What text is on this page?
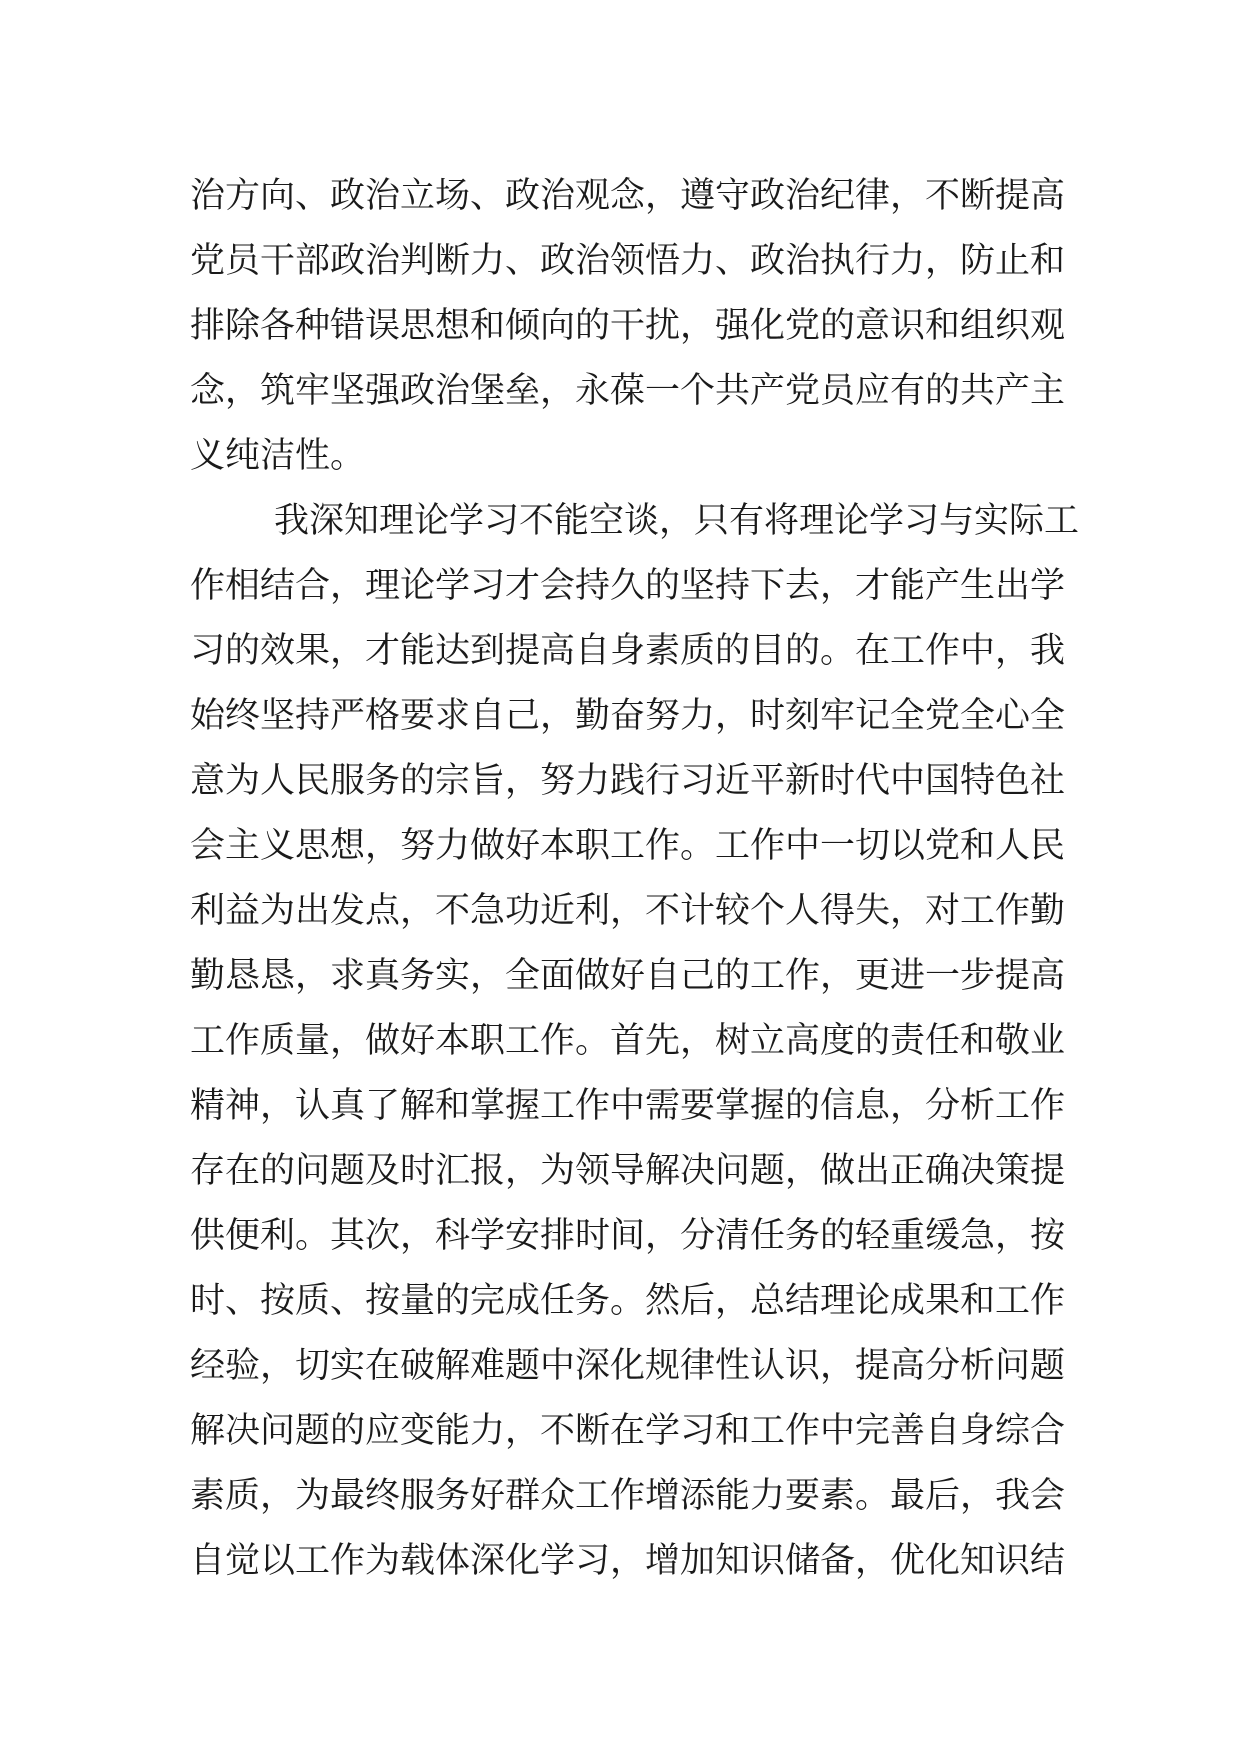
治方向、政治立场、政治观念，遵守政治纪律，不断提高
党员干部政治判断力、政治领悟力、政治执行力，防止和
排除各种错误思想和倾向的干扰，强化党的意识和组织观
念，筑牢坚强政治堡垒，永葆一个共产党员应有的共产主
义纯洁性。
我深知理论学习不能空谈，只有将理论学习与实际工
作相结合，理论学习才会持久的坚持下去，才能产生出学
习的效果，才能达到提高自身素质的目的。在工作中，我
始终坚持严格要求自己，勤奋努力，时刻牢记全党全心全
意为人民服务的宗旨，努力践行习近平新时代中国特色社
会主义思想，努力做好本职工作。工作中一切以党和人民
利益为出发点，不急功近利，不计较个人得失，对工作勤
勤恳恳，求真务实，全面做好自己的工作，更进一步提高
工作质量，做好本职工作。首先，树立高度的责任和敬业
精神，认真了解和掌握工作中需要掌握的信息，分析工作
存在的问题及时汇报，为领导解决问题，做出正确决策提
供便利。其次，科学安排时间，分清任务的轻重缓急，按
时、按质、按量的完成任务。然后，总结理论成果和工作
经验，切实在破解难题中深化规律性认识，提高分析问题
解决问题的应变能力，不断在学习和工作中完善自身综合
素质，为最终服务好群众工作增添能力要素。最后，我会
自觉以工作为载体深化学习，增加知识储备，优化知识结
